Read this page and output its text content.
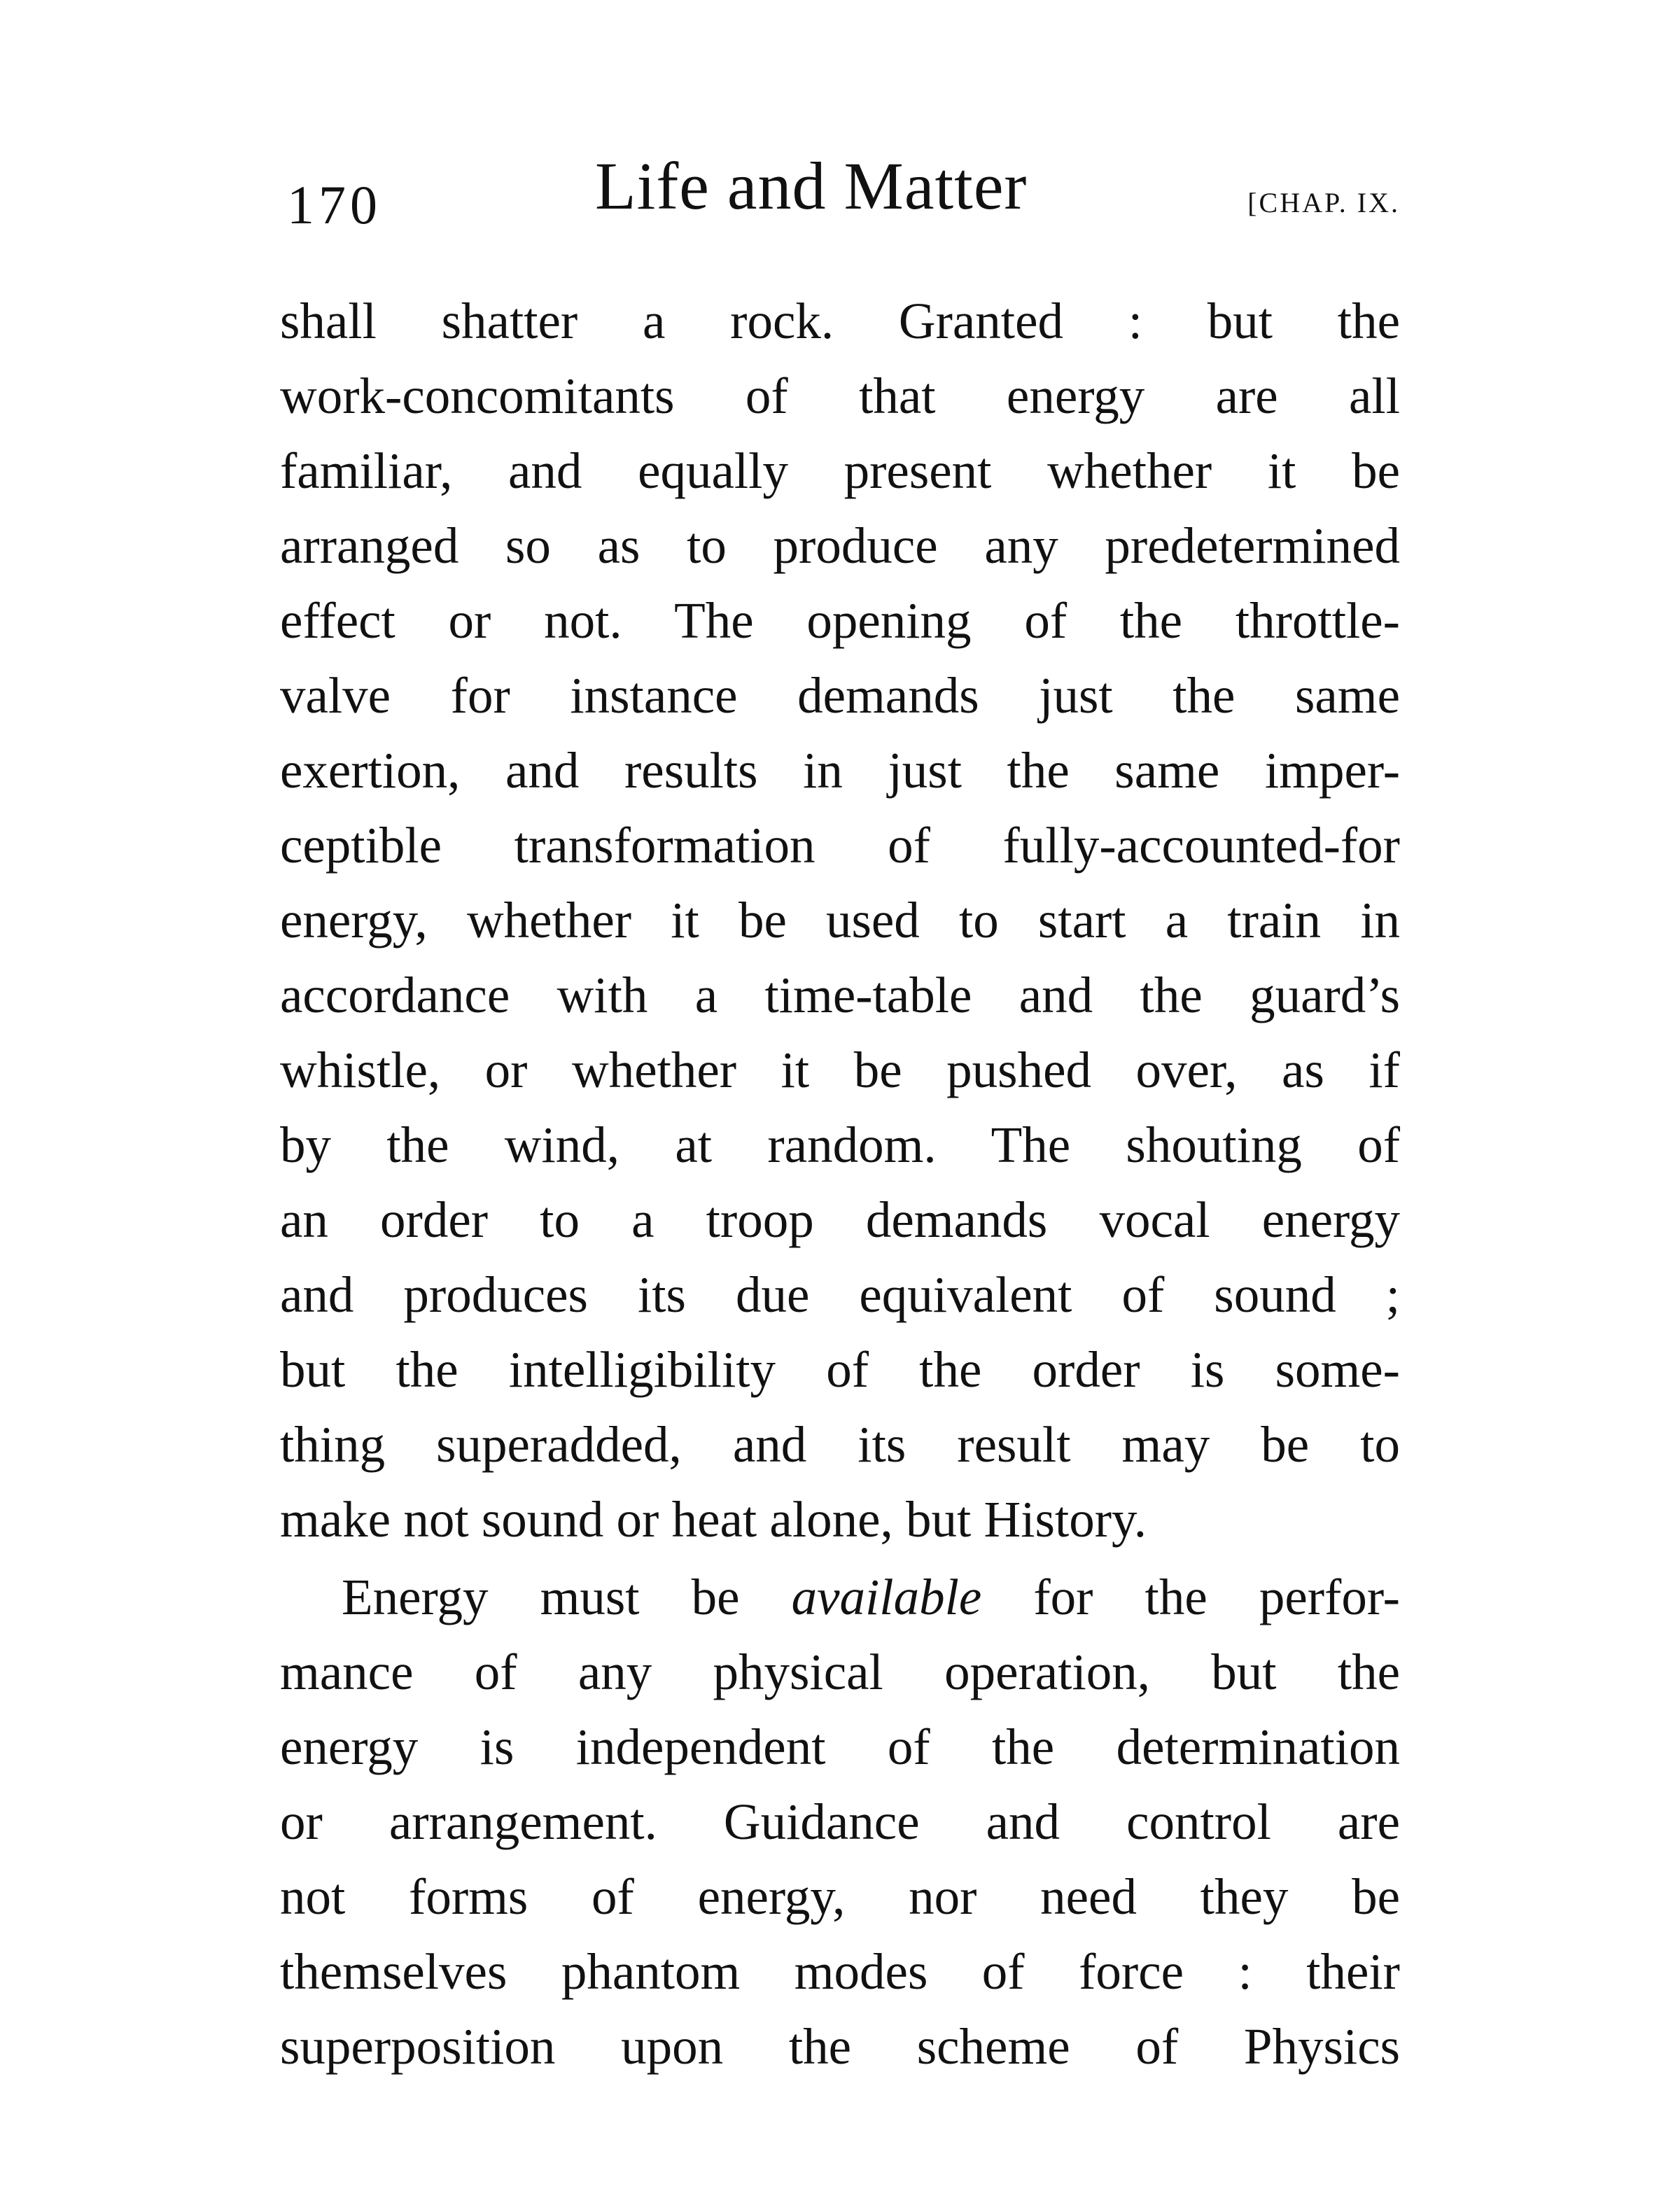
170	Life and Matter	[CHAP. IX.
shall shatter a rock. Granted : but the
work-concomitants of that energy are all
familiar, and equally present whether it be
arranged so as to produce any predetermined
effect or not. The opening of the throttle-
valve for instance demands just the same
exertion, and results in just the same imper-
ceptible transformation of fully-accounted-for
energy, whether it be used to start a train in
accordance with a time-table and the guard’s
whistle, or whether it be pushed over, as if
by the wind, at random. The shouting of
an order to a troop demands vocal energy
and produces its due equivalent of sound ;
but the intelligibility of the order is some-
thing superadded, and its result may be to
make not sound or heat alone, but History.
Energy must be available for the perfor-
mance of any physical operation, but the
energy is independent of the determination
or arrangement. Guidance and control are
not forms of energy, nor need they be
themselves phantom modes of force : their
superposition upon the scheme of Physics
